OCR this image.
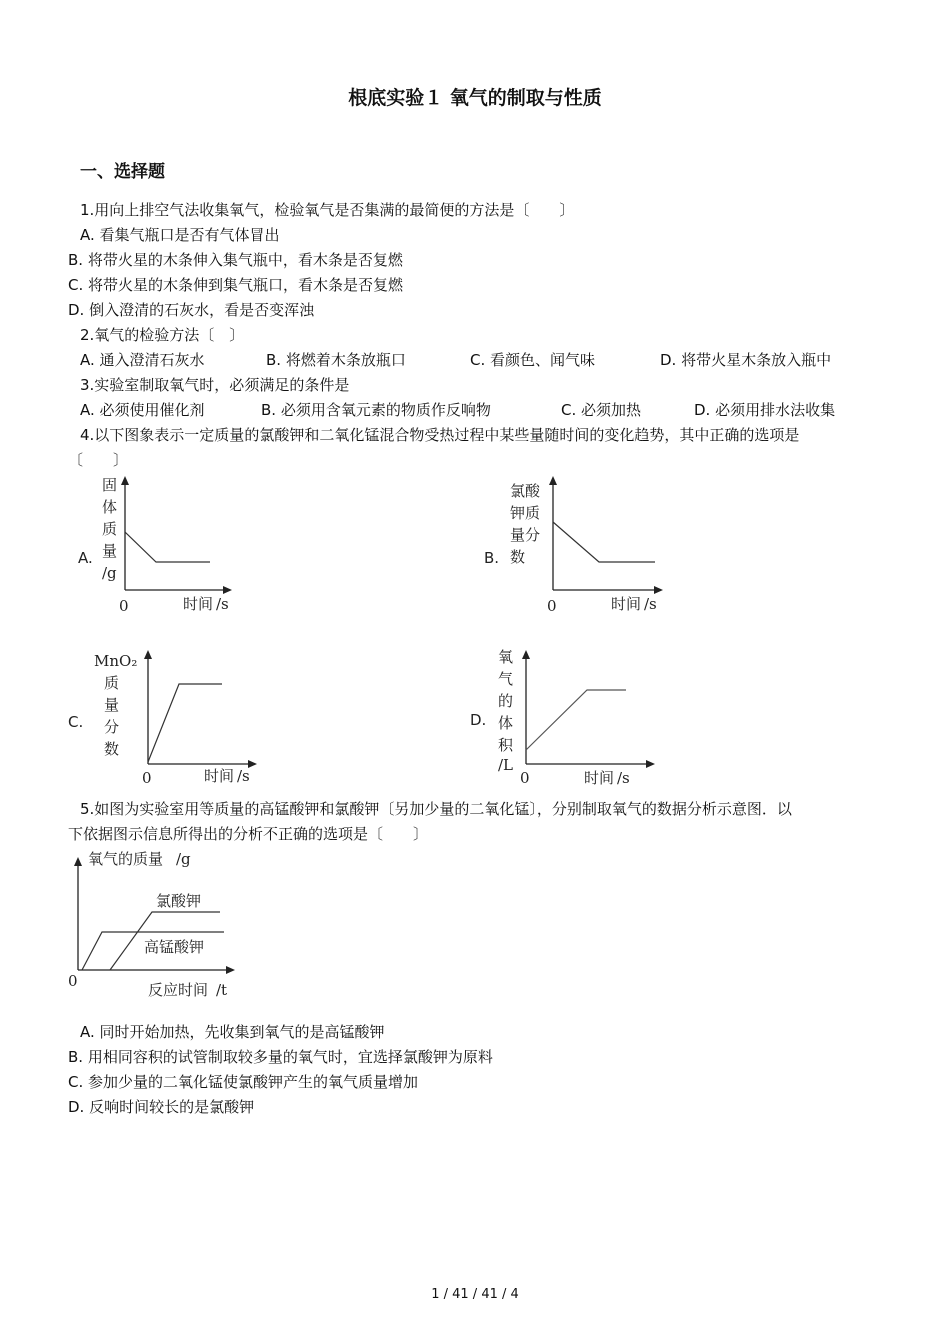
根底实验１ 氧气的制取与性质
一、选择题
1.用向上排空气法收集氧气，检验氧气是否集满的最简便的方法是〔　　〕
A. 看集气瓶口是否有气体冒出
B. 将带火星的木条伸入集气瓶中，看木条是否复燃
C. 将带火星的木条伸到集气瓶口，看木条是否复燃
D. 倒入澄清的石灰水，看是否变浑浊
2.氧气的检验方法〔　〕
A. 通入澄清石灰水	B. 将燃着木条放瓶口	C. 看颜色、闻气味	D. 将带火星木条放入瓶中
3.实验室制取氧气时，必须满足的条件是
A. 必须使用催化剂	B. 必须用含氧元素的物质作反响物	C. 必须加热	D. 必须用排水法收集
4.以下图象表示一定质量的氯酸钾和二氧化锰混合物受热过程中某些量随时间的变化趋势，其中正确的选项是
〔　　〕
A.
固
体
质
量
/g
0	时间 /s
B.
氯酸
钾质
量分
数
0	时间 /s
C.
MnO₂
质
量
分
数
0	时间 /s
D.
氧
气
的
体
积
/L
0	时间 /s
5.如图为实验室用等质量的高锰酸钾和氯酸钾〔另加少量的二氧化锰〕，分别制取氧气的数据分析示意图．以
下依据图示信息所得出的分析不正确的选项是〔　　〕
氧气的质量 /g
氯酸钾
高锰酸钾
0	反应时间 /t
A. 同时开始加热，先收集到氧气的是高锰酸钾
B. 用相同容积的试管制取较多量的氧气时，宜选择氯酸钾为原料
C. 参加少量的二氧化锰使氯酸钾产生的氧气质量增加
D. 反响时间较长的是氯酸钾
1 / 41 / 41 / 4
